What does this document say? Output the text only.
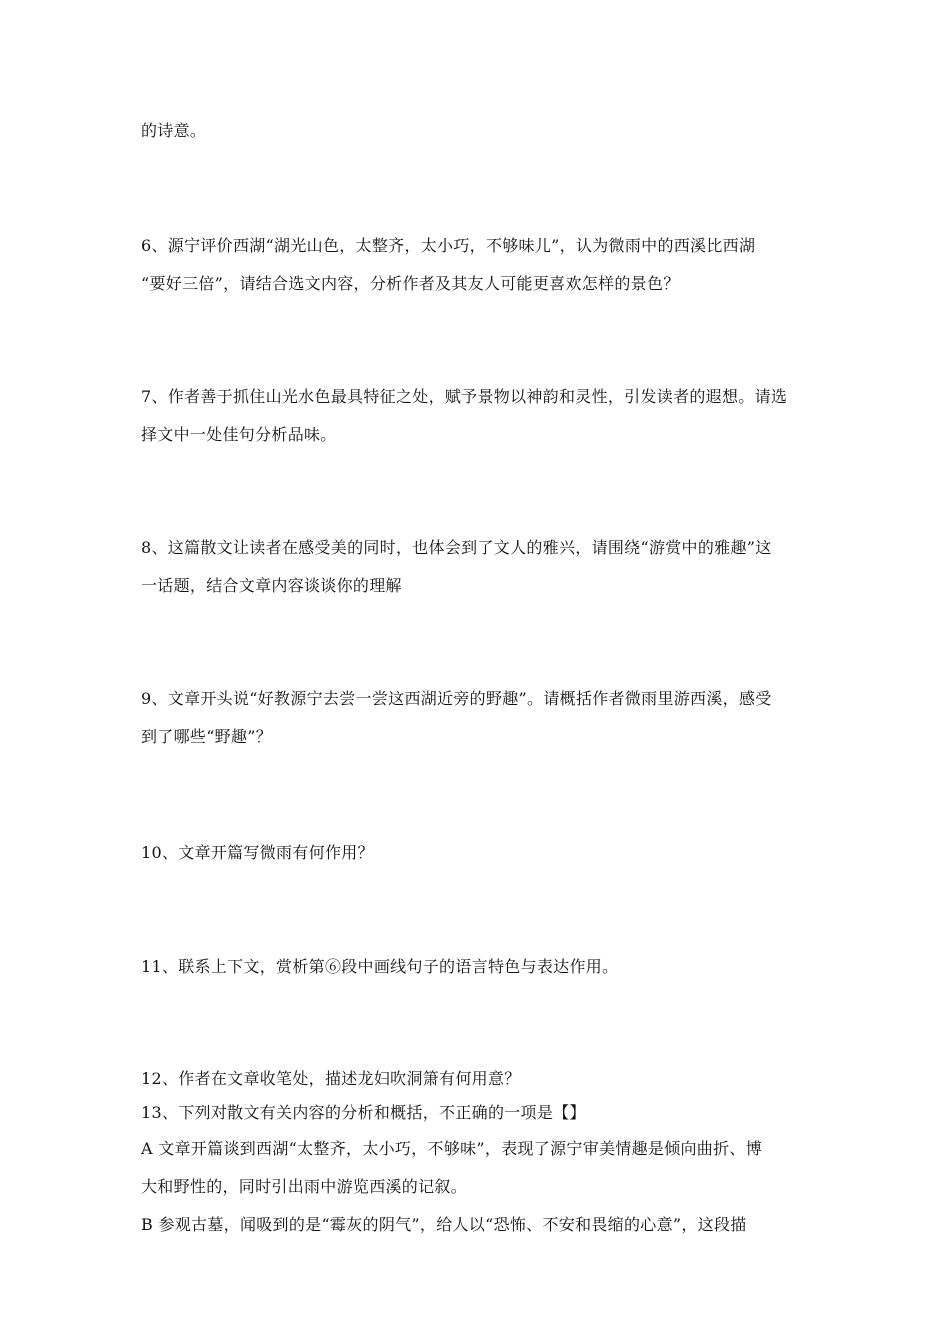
的诗意。
6、源宁评价西湖“湖光山色，太整齐，太小巧，不够味儿”，认为微雨中的西溪比西湖
“要好三倍”，请结合选文内容，分析作者及其友人可能更喜欢怎样的景色？
7、作者善于抓住山光水色最具特征之处，赋予景物以神韵和灵性，引发读者的遐想。请选
择文中一处佳句分析品味。
8、这篇散文让读者在感受美的同时，也体会到了文人的雅兴，请围绕“游赏中的雅趣”这
一话题，结合文章内容谈谈你的理解
9、文章开头说“好教源宁去尝一尝这西湖近旁的野趣”。请概括作者微雨里游西溪，感受
到了哪些“野趣”？
10、文章开篇写微雨有何作用？
11、联系上下文，赏析第⑥段中画线句子的语言特色与表达作用。
12、作者在文章收笔处，描述龙妇吹洞箫有何用意？
13、下列对散文有关内容的分析和概括，不正确的一项是【】
A 文章开篇谈到西湖“太整齐，太小巧，不够味”，表现了源宁审美情趣是倾向曲折、博
大和野性的，同时引出雨中游览西溪的记叙。
B 参观古墓，闻吸到的是“霉灰的阴气”，给人以“恐怖、不安和畏缩的心意”，这段描
